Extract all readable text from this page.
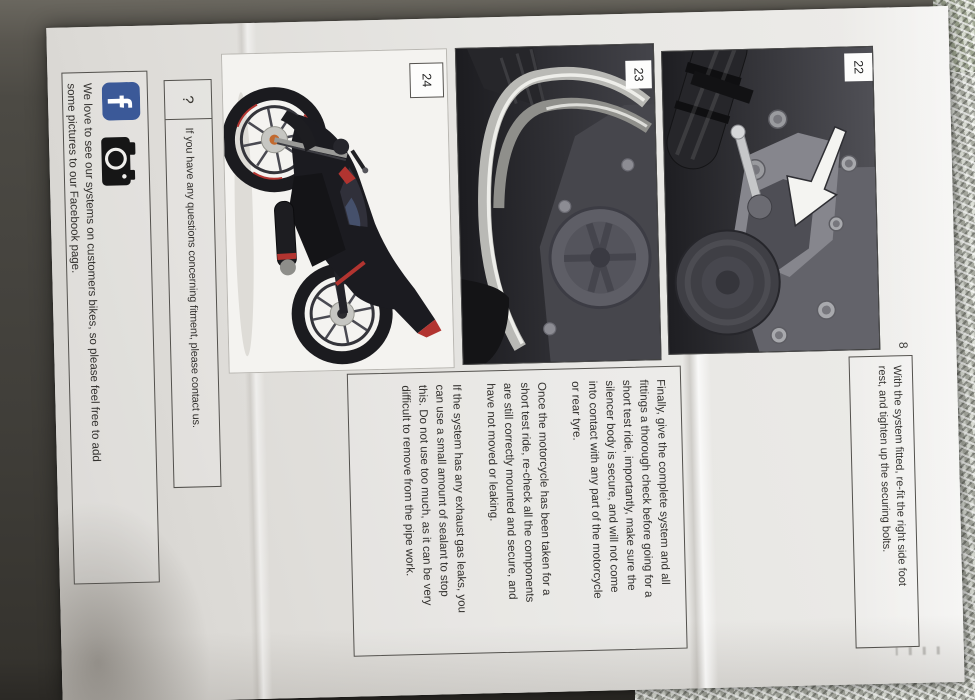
8
22
With the system fitted, re-fit the right side foot
rest, and tighten up the securing bolts.
23
Finally, give the complete system and all
fittings a thorough check before going for a
short test ride, importantly, make sure the
silencer body is secure, and will not come
into contact with any part of the motorcycle
or rear tyre.
Once the motorcycle has been taken for a
short test ride, re-check all the components
are still correctly mounted and secure, and
have not moved or leaking.
If the system has any exhaust gas leaks, you
can use a small amount of sealant to stop
this. Do not use too much, as it can be very
difficult to remove from the pipe work.
24
?
If you have any questions concerning fitment, please contact us.
We love to see our systems on customers bikes, so please feel free to add
some pictures to our Facebook page.
